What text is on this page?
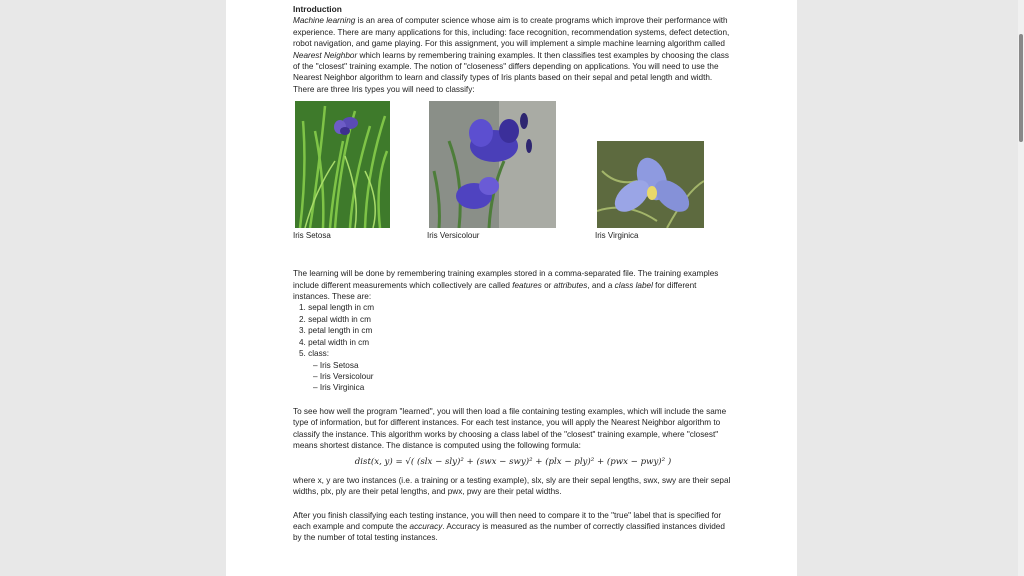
Introduction

Machine learning is an area of computer science whose aim is to create programs which improve their performance with experience. There are many applications for this, including: face recognition, recommendation systems, defect detection, robot navigation, and game playing. For this assignment, you will implement a simple machine learning algorithm called Nearest Neighbor which learns by remembering training examples. It then classifies test examples by choosing the class of the "closest" training example. The notion of "closeness" differs depending on applications. You will need to use the Nearest Neighbor algorithm to learn and classify types of Iris plants based on their sepal and petal length and width. There are three Iris types you will need to classify:

Iris Setosa	Iris Versicolour	Iris Virginica

The learning will be done by remembering training examples stored in a comma-separated file. The training examples include different measurements which collectively are called features or attributes, and a class label for different instances. These are:

1. sepal length in cm
2. sepal width in cm
3. petal length in cm
4. petal width in cm
5. class:
– Iris Setosa
– Iris Versicolour
– Iris Virginica

To see how well the program "learned", you will then load a file containing testing examples, which will include the same type of information, but for different instances. For each test instance, you will apply the Nearest Neighbor algorithm to classify the instance. This algorithm works by choosing a class label of the "closest" training example, where "closest" means shortest distance. The distance is computed using the following formula:

dist(x, y) = √( (slx − sly)² + (swx − swy)² + (plx − ply)² + (pwx − pwy)² )

where x, y are two instances (i.e. a training or a testing example), slx, sly are their sepal lengths, swx, swy are their sepal widths, plx, ply are their petal lengths, and pwx, pwy are their petal widths.

After you finish classifying each testing instance, you will then need to compare it to the "true" label that is specified for each example and compute the accuracy. Accuracy is measured as the number of correctly classified instances divided by the number of total testing instances.
